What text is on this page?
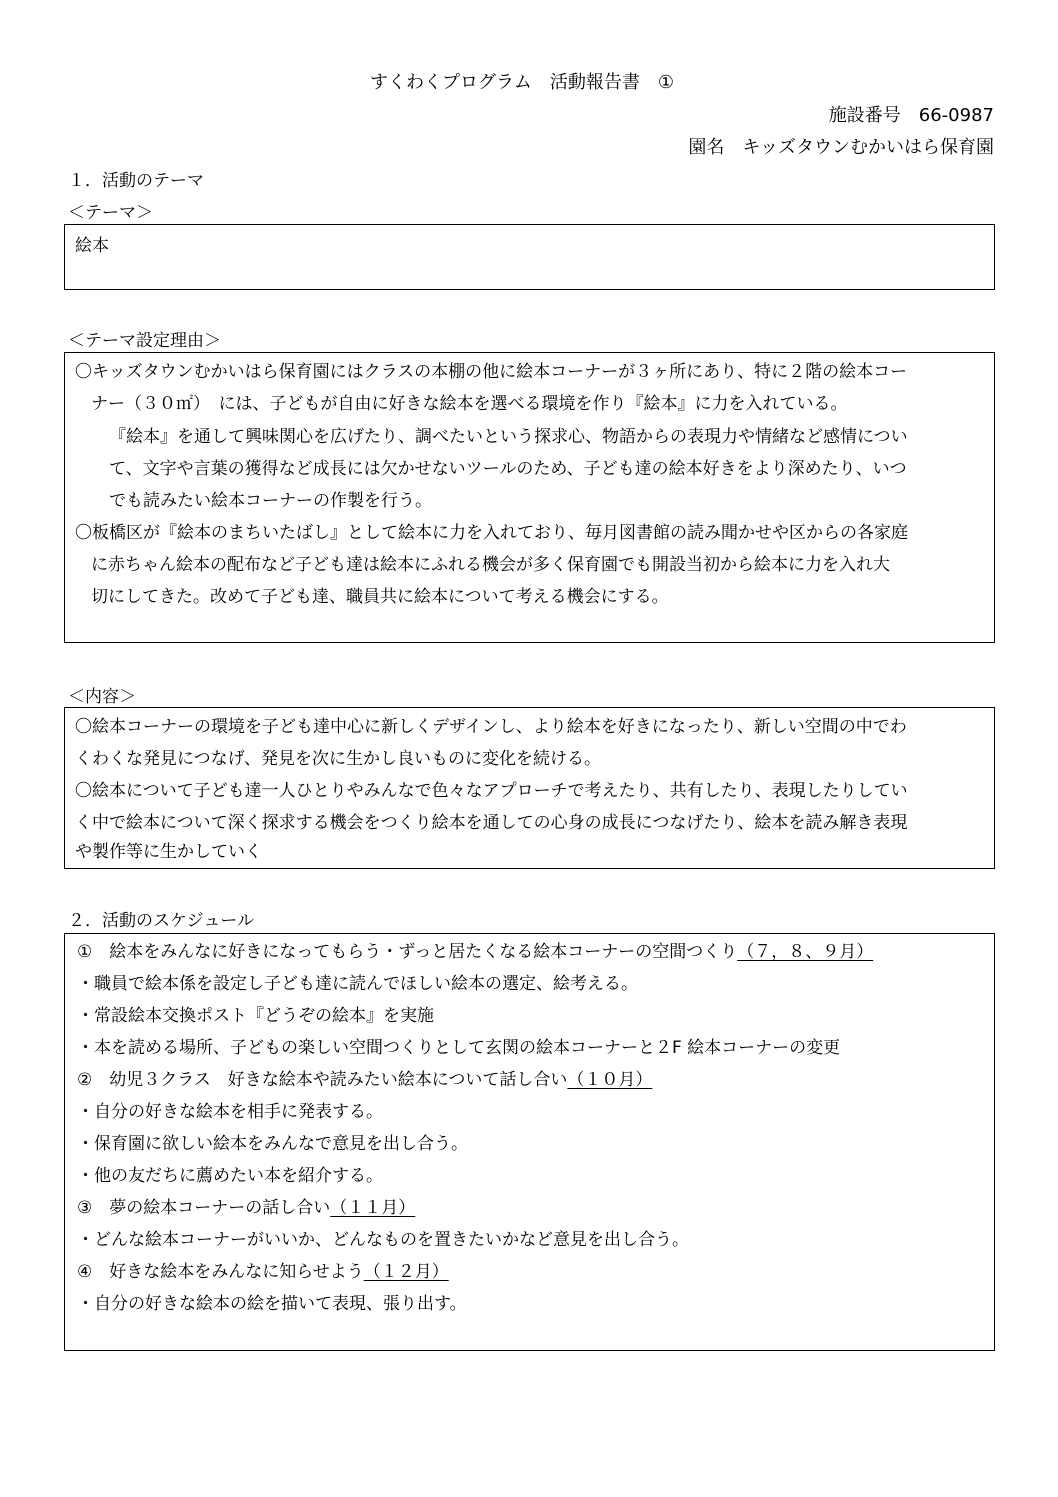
すくわくプログラム　活動報告書　①
施設番号　66-0987
園名　キッズタウンむかいはら保育園
１．活動のテーマ
＜テーマ＞
絵本
＜テーマ設定理由＞
〇キッズタウンむかいはら保育園にはクラスの本棚の他に絵本コーナーが３ヶ所にあり、特に２階の絵本コー
ナー（３０㎡）　には、子どもが自由に好きな絵本を選べる環境を作り『絵本』に力を入れている。
『絵本』を通して興味関心を広げたり、調べたいという探求心、物語からの表現力や情緒など感情につい
て、文字や言葉の獲得など成長には欠かせないツールのため、子ども達の絵本好きをより深めたり、いつ
でも読みたい絵本コーナーの作製を行う。
〇板橋区が『絵本のまちいたばし』として絵本に力を入れており、毎月図書館の読み聞かせや区からの各家庭
に赤ちゃん絵本の配布など子ども達は絵本にふれる機会が多く保育園でも開設当初から絵本に力を入れ大
切にしてきた。改めて子ども達、職員共に絵本について考える機会にする。
＜内容＞
〇絵本コーナーの環境を子ども達中心に新しくデザインし、より絵本を好きになったり、新しい空間の中でわ
くわくな発見につなげ、発見を次に生かし良いものに変化を続ける。
〇絵本について子ども達一人ひとりやみんなで色々なアプローチで考えたり、共有したり、表現したりしてい
く中で絵本について深く探求する機会をつくり絵本を通しての心身の成長につなげたり、絵本を読み解き表現
や製作等に生かしていく
２．活動のスケジュール
①　絵本をみんなに好きになってもらう・ずっと居たくなる絵本コーナーの空間つくり（７，８、９月）
・職員で絵本係を設定し子ども達に読んでほしい絵本の選定、絵考える。
・常設絵本交換ポスト『どうぞの絵本』を実施
・本を読める場所、子どもの楽しい空間つくりとして玄関の絵本コーナーと２F 絵本コーナーの変更
②　幼児３クラス　好きな絵本や読みたい絵本について話し合い（１０月）
・自分の好きな絵本を相手に発表する。
・保育園に欲しい絵本をみんなで意見を出し合う。
・他の友だちに薦めたい本を紹介する。
③　夢の絵本コーナーの話し合い（１１月）
・どんな絵本コーナーがいいか、どんなものを置きたいかなど意見を出し合う。
④　好きな絵本をみんなに知らせよう（１２月）
・自分の好きな絵本の絵を描いて表現、張り出す。
